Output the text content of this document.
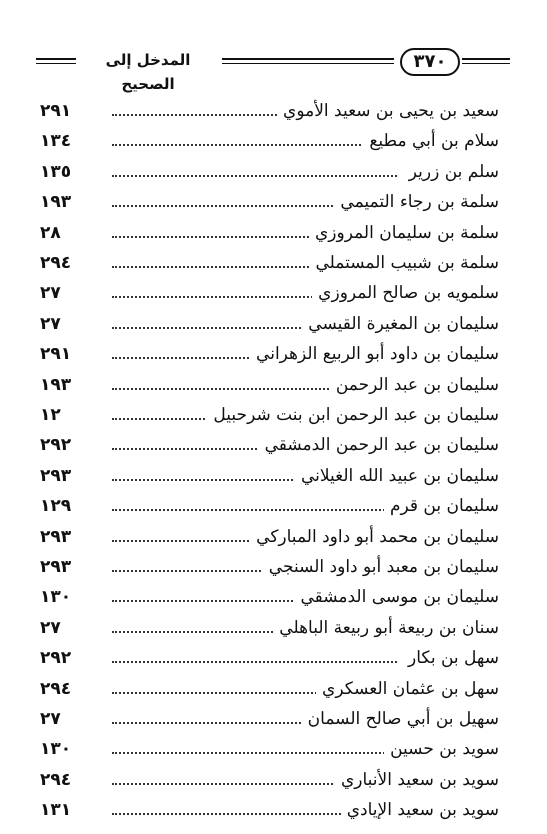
٣٧٠
المدخل إلى الصحيح
سعيد بن يحيى بن سعيد الأموي
٢٩١
سلام بن أبي مطيع
١٣٤
سلم بن زرير
١٣٥
سلمة بن رجاء التميمي
١٩٣
سلمة بن سليمان المروزي
٢٨
سلمة بن شبيب المستملي
٢٩٤
سلمويه بن صالح المروزي
٢٧
سليمان بن المغيرة القيسي
٢٧
سليمان بن داود أبو الربيع الزهراني
٢٩١
سليمان بن عبد الرحمن
١٩٣
سليمان بن عبد الرحمن ابن بنت شرحبيل
١٢
سليمان بن عبد الرحمن الدمشقي
٢٩٢
سليمان بن عبيد الله الغيلاني
٢٩٣
سليمان بن قرم
١٢٩
سليمان بن محمد أبو داود المباركي
٢٩٣
سليمان بن معبد أبو داود السنجي
٢٩٣
سليمان بن موسى الدمشقي
١٣٠
سنان بن ربيعة أبو ربيعة الباهلي
٢٧
سهل بن بكار
٢٩٢
سهل بن عثمان العسكري
٢٩٤
سهيل بن أبي صالح السمان
٢٧
سويد بن حسين
١٣٠
سويد بن سعيد الأنباري
٢٩٤
سويد بن سعيد الإيادي
١٣١
